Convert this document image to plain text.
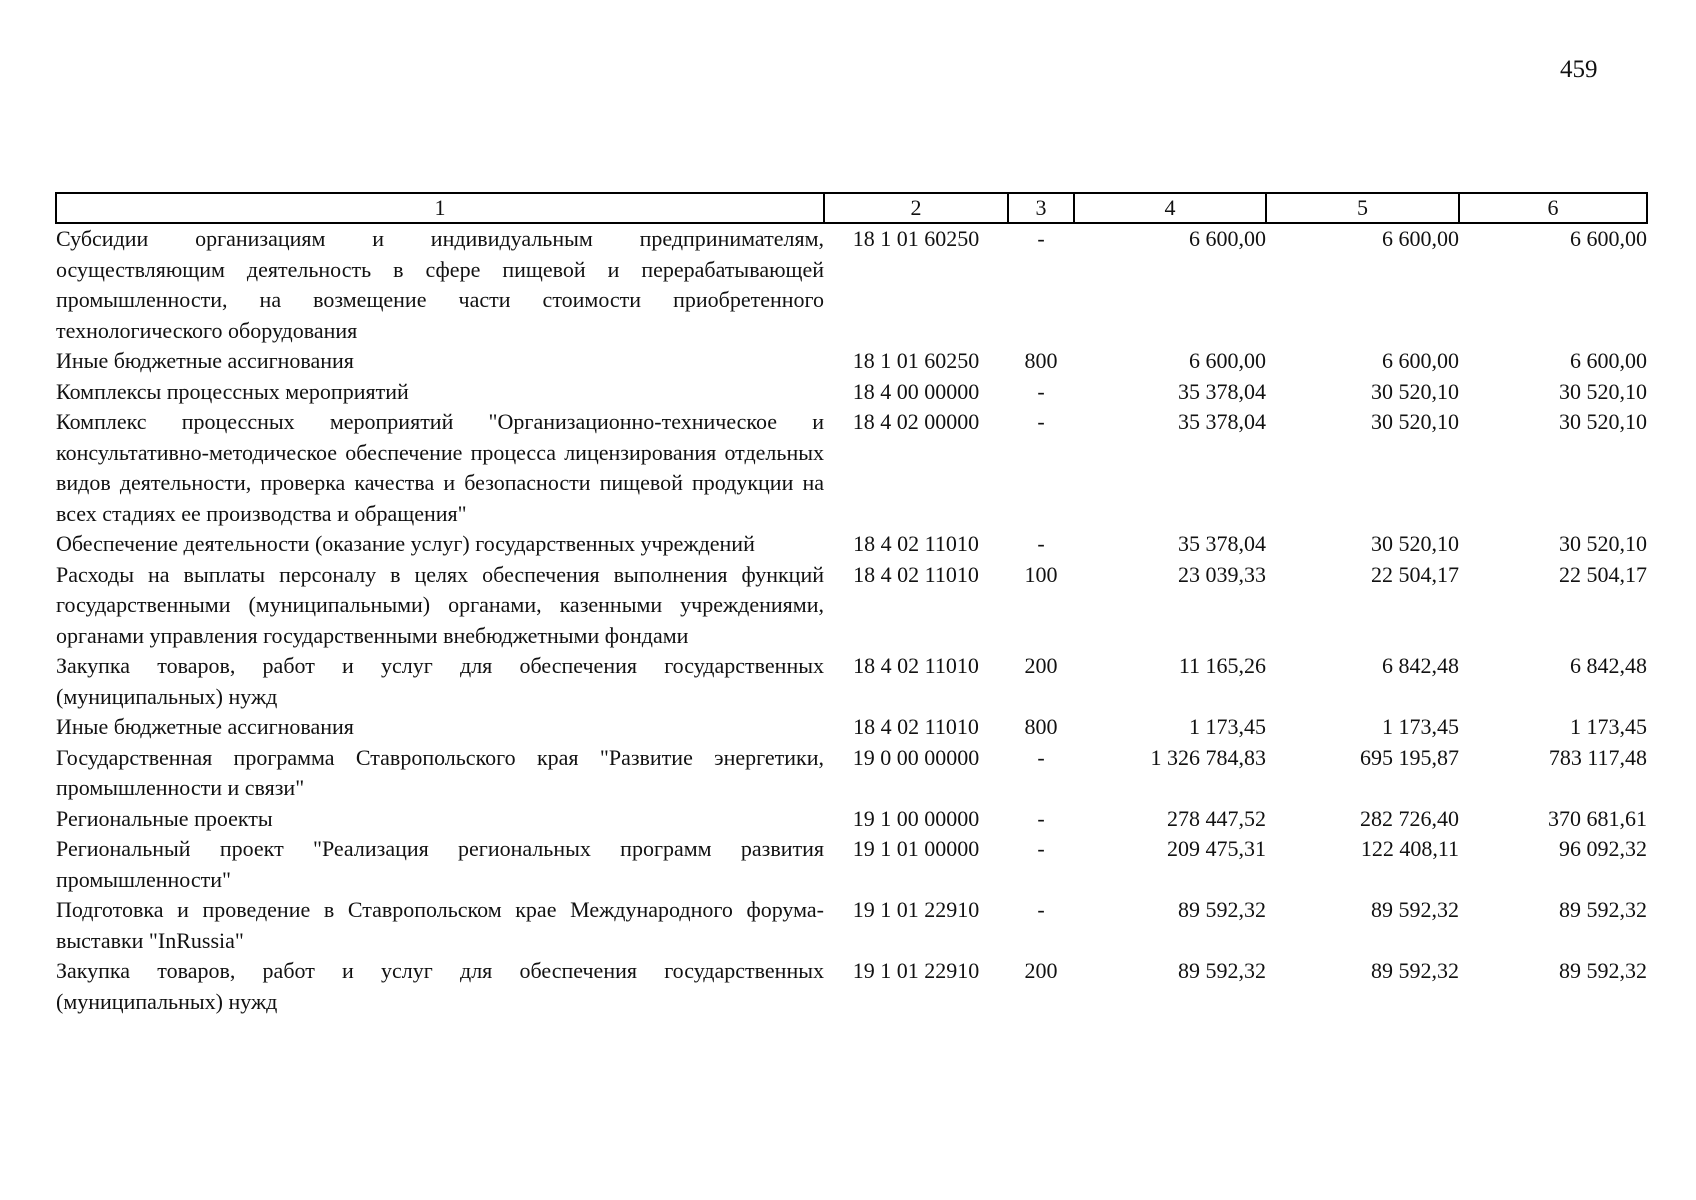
459
1	2	3	4	5	6
Субсидии организациям и индивидуальным предпринимателям, осуществляющим деятельность в сфере пищевой и перерабатывающей промышленности, на возмещение части стоимости приобретенного технологического оборудования	18 1 01 60250	-	6 600,00	6 600,00	6 600,00
Иные бюджетные ассигнования	18 1 01 60250	800	6 600,00	6 600,00	6 600,00
Комплексы процессных мероприятий	18 4 00 00000	-	35 378,04	30 520,10	30 520,10
Комплекс процессных мероприятий "Организационно-техническое и консультативно-методическое обеспечение процесса лицензирования отдельных видов деятельности, проверка качества и безопасности пищевой продукции на всех стадиях ее производства и обращения"	18 4 02 00000	-	35 378,04	30 520,10	30 520,10
Обеспечение деятельности (оказание услуг) государственных учреждений	18 4 02 11010	-	35 378,04	30 520,10	30 520,10
Расходы на выплаты персоналу в целях обеспечения выполнения функций государственными (муниципальными) органами, казенными учреждениями, органами управления государственными внебюджетными фондами	18 4 02 11010	100	23 039,33	22 504,17	22 504,17
Закупка товаров, работ и услуг для обеспечения государственных (муниципальных) нужд	18 4 02 11010	200	11 165,26	6 842,48	6 842,48
Иные бюджетные ассигнования	18 4 02 11010	800	1 173,45	1 173,45	1 173,45
Государственная программа Ставропольского края "Развитие энергетики, промышленности и связи"	19 0 00 00000	-	1 326 784,83	695 195,87	783 117,48
Региональные проекты	19 1 00 00000	-	278 447,52	282 726,40	370 681,61
Региональный проект "Реализация региональных программ развития промышленности"	19 1 01 00000	-	209 475,31	122 408,11	96 092,32
Подготовка и проведение в Ставропольском крае Международного форума-выставки "InRussia"	19 1 01 22910	-	89 592,32	89 592,32	89 592,32
Закупка товаров, работ и услуг для обеспечения государственных (муниципальных) нужд	19 1 01 22910	200	89 592,32	89 592,32	89 592,32
